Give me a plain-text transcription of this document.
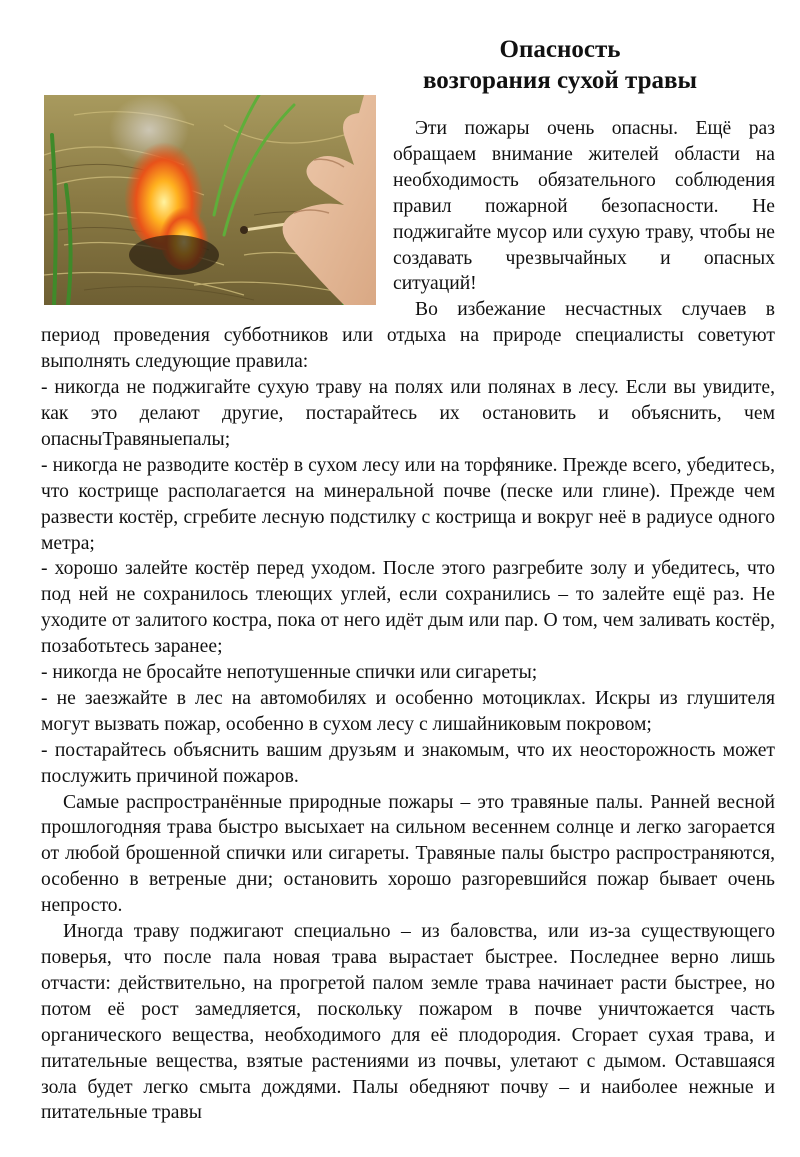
Опасность
возгорания сухой травы

Эти пожары очень опасны. Ещё раз обращаем внимание жителей области на необходимость обязательного соблюдения правил пожарной безопасности. Не поджигайте мусор или сухую траву, чтобы не создавать чрезвычайных и опасных ситуаций!

Во избежание несчастных случаев в период проведения субботников или отдыха на природе специалисты советуют выполнять следующие правила:

- никогда не поджигайте сухую траву на полях или полянах в лесу. Если вы увидите, как это делают другие, постарайтесь их остановить и объяснить, чем опасныТравяныепалы;

- никогда не разводите костёр в сухом лесу или на торфянике. Прежде всего, убедитесь, что кострище располагается на минеральной почве (песке или глине). Прежде чем развести костёр, сгребите лесную подстилку с кострища и вокруг неё в радиусе одного метра;

- хорошо залейте костёр перед уходом. После этого разгребите золу и убедитесь, что под ней не сохранилось тлеющих углей, если сохранились – то залейте ещё раз. Не уходите от залитого костра, пока от него идёт дым или пар. О том, чем заливать костёр, позаботьтесь заранее;

- никогда не бросайте непотушенные спички или сигареты;

- не заезжайте в лес на автомобилях и особенно мотоциклах. Искры из глушителя могут вызвать пожар, особенно в сухом лесу с лишайниковым покровом;

- постарайтесь объяснить вашим друзьям и знакомым, что их неосторожность может послужить причиной пожаров.

Самые распространённые природные пожары – это травяные палы. Ранней весной прошлогодняя трава быстро высыхает на сильном весеннем солнце и легко загорается от любой брошенной спички или сигареты. Травяные палы быстро распространяются, особенно в ветреные дни; остановить хорошо разгоревшийся пожар бывает очень непросто.

Иногда траву поджигают специально – из баловства, или из-за существующего поверья, что после пала новая трава вырастает быстрее. Последнее верно лишь отчасти: действительно, на прогретой палом земле трава начинает расти быстрее, но потом её рост замедляется, поскольку пожаром в почве уничтожается часть органического вещества, необходимого для её плодородия. Сгорает сухая трава, и питательные вещества, взятые растениями из почвы, улетают с дымом. Оставшаяся зола будет легко смыта дождями. Палы обедняют почву – и наиболее нежные и питательные травы
